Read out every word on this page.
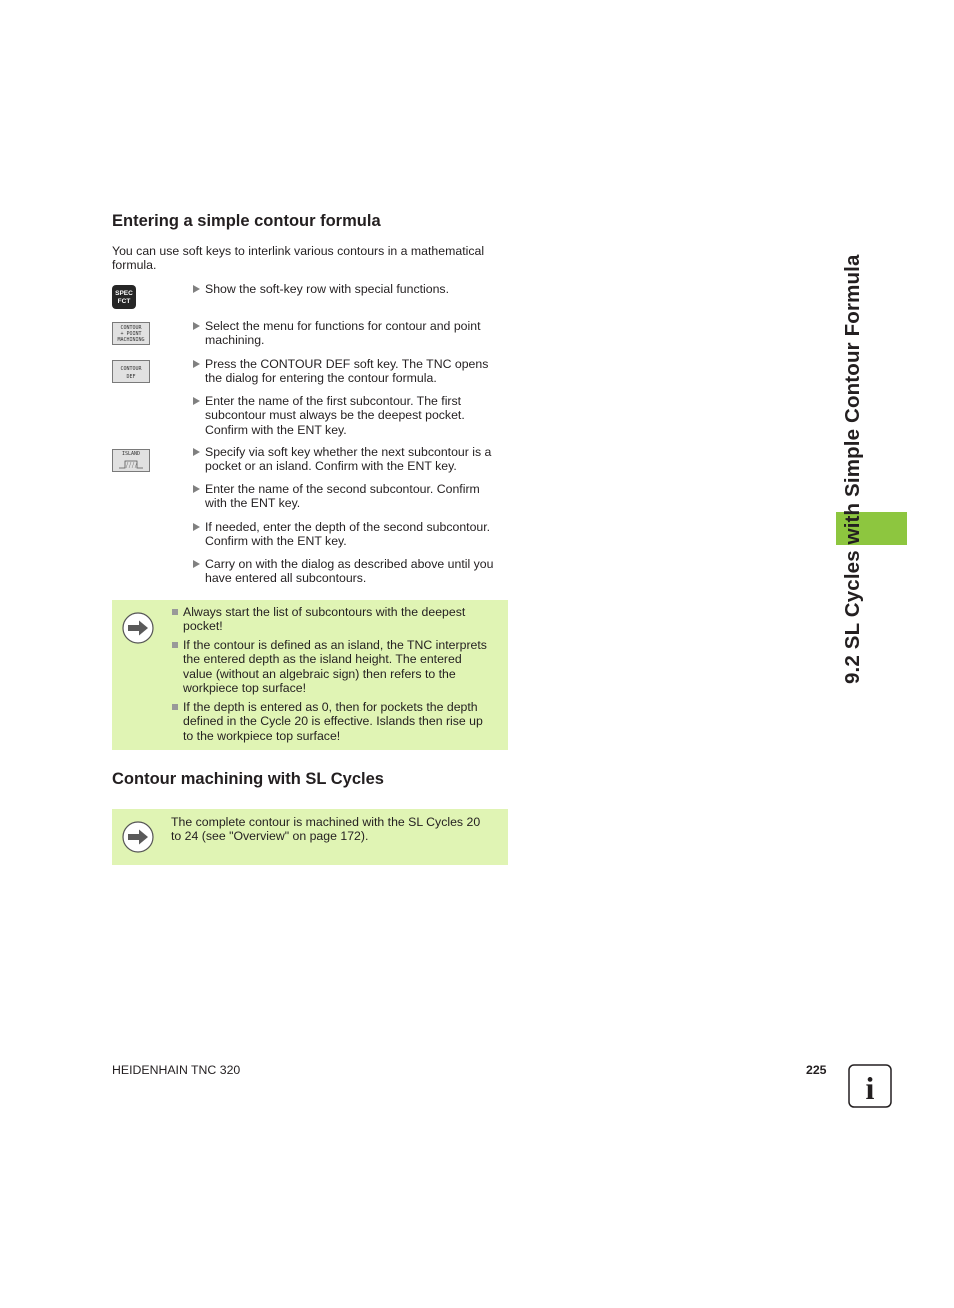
Entering a simple contour formula
You can use soft keys to interlink various contours in a mathematical
formula.
SPEC
FCT
CONTOUR
+ POINT
MACHINING
CONTOUR
DEF
ISLAND
Show the soft-key row with special functions.
Select the menu for functions for contour and point
machining.
Press the CONTOUR DEF soft key. The TNC opens
the dialog for entering the contour formula.
Enter the name of the first subcontour. The first
subcontour must always be the deepest pocket.
Confirm with the ENT key.
Specify via soft key whether the next subcontour is a
pocket or an island. Confirm with the ENT key.
Enter the name of the second subcontour. Confirm
with the ENT key.
If needed, enter the depth of the second subcontour.
Confirm with the ENT key.
Carry on with the dialog as described above until you
have entered all subcontours.
Always start the list of subcontours with the deepest
pocket!
If the contour is defined as an island, the TNC interprets
the entered depth as the island height. The entered
value (without an algebraic sign) then refers to the
workpiece top surface!
If the depth is entered as 0, then for pockets the depth
defined in the Cycle 20 is effective. Islands then rise up
to the workpiece top surface!
Contour machining with SL Cycles
The complete contour is machined with the SL Cycles 20
to 24 (see "Overview" on page 172).
9.2 SL Cycles with Simple Contour Formula
HEIDENHAIN TNC 320	225 i
